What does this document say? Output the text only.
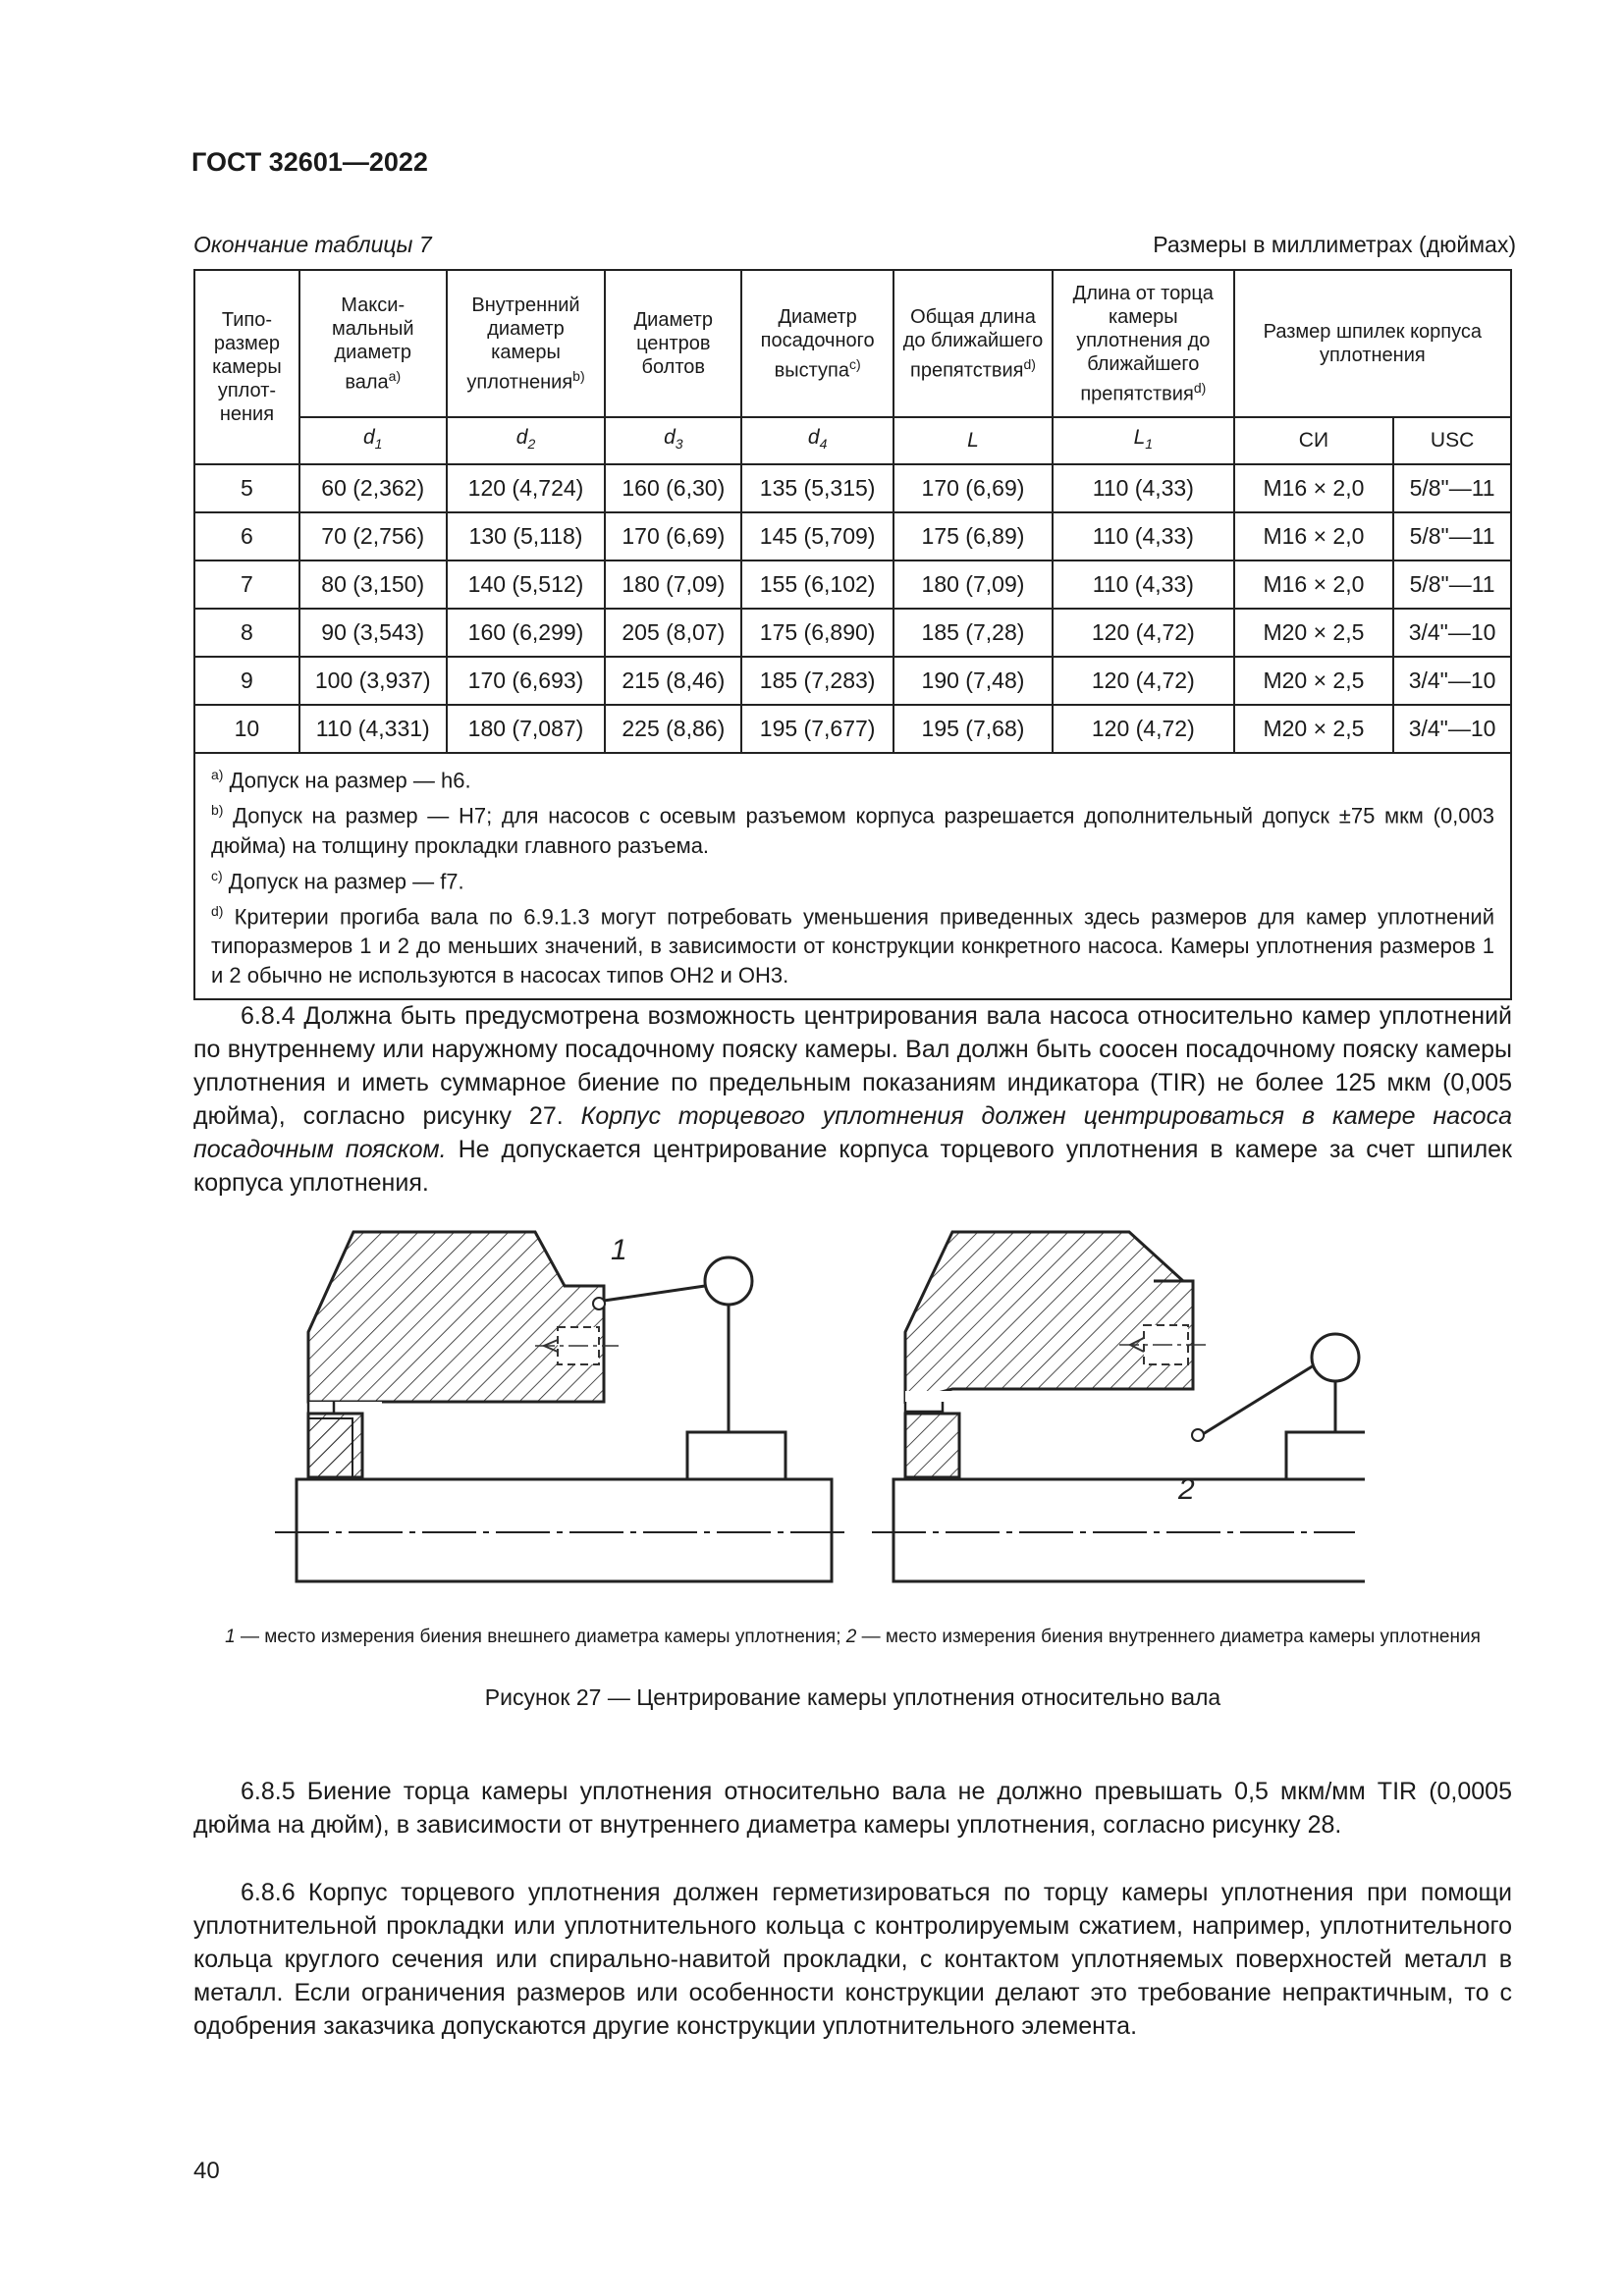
ГОСТ 32601—2022
Окончание таблицы 7	Размеры в миллиметрах (дюймах)
Типо-размер камеры уплот-нения	Макси-мальный диаметр вала$^{a)}$	Внутренний диаметр камеры уплотнения$^{b)}$	Диаметр центров болтов	Диаметр посадочного выступа$^{c)}$	Общая длина до ближайшего препятствия$^{d)}$	Длина от торца камеры уплотнения до ближайшего препятствия$^{d)}$	Размер шпилек корпуса уплотнения	
	$d_1$	$d_2$	$d_3$	$d_4$	L	$L_1$	СИ	USC
5	60 (2,362)	120 (4,724)	160 (6,30)	135 (5,315)	170 (6,69)	110 (4,33)	M16 × 2,0	5/8"—11
6	70 (2,756)	130 (5,118)	170 (6,69)	145 (5,709)	175 (6,89)	110 (4,33)	M16 × 2,0	5/8"—11
7	80 (3,150)	140 (5,512)	180 (7,09)	155 (6,102)	180 (7,09)	110 (4,33)	M16 × 2,0	5/8"—11
8	90 (3,543)	160 (6,299)	205 (8,07)	175 (6,890)	185 (7,28)	120 (4,72)	M20 × 2,5	3/4"—10
9	100 (3,937)	170 (6,693)	215 (8,46)	185 (7,283)	190 (7,48)	120 (4,72)	M20 × 2,5	3/4"—10
10	110 (4,331)	180 (7,087)	225 (8,86)	195 (7,677)	195 (7,68)	120 (4,72)	M20 × 2,5	3/4"—10

$^{a)}$ Допуск на размер — h6.
$^{b)}$ Допуск на размер — H7; для насосов с осевым разъемом корпуса разрешается дополнительный допуск ±75 мкм (0,003 дюйма) на толщину прокладки главного разъема.
$^{c)}$ Допуск на размер — f7.
$^{d)}$ Критерии прогиба вала по 6.9.1.3 могут потребовать уменьшения приведенных здесь размеров для камер уплотнений типоразмеров 1 и 2 до меньших значений, в зависимости от конструкции конкретного насоса. Камеры уплотнения размеров 1 и 2 обычно не используются в насосах типов OH2 и OH3.								

6.8.4 Должна быть предусмотрена возможность центрирования вала насоса относительно камер уплотнений по внутреннему или наружному посадочному пояску камеры. Вал должн быть соосен посадочному пояску камеры уплотнения и иметь суммарное биение по предельным показаниям индикатора (TIR) не более 125 мкм (0,005 дюйма), согласно рисунку 27. Корпус торцевого уплотнения должен центрироваться в камере насоса посадочным пояском. Не допускается центрирование корпуса торцевого уплотнения в камере за счет шпилек корпуса уплотнения.

1
2
1 — место измерения биения внешнего диаметра камеры уплотнения; 2 — место измерения биения внутреннего диаметра камеры уплотнения
Рисунок 27 — Центрирование камеры уплотнения относительно вала

6.8.5 Биение торца камеры уплотнения относительно вала не должно превышать 0,5 мкм/мм TIR (0,0005 дюйма на дюйм), в зависимости от внутреннего диаметра камеры уплотнения, согласно рисунку 28.

6.8.6 Корпус торцевого уплотнения должен герметизироваться по торцу камеры уплотнения при помощи уплотнительной прокладки или уплотнительного кольца с контролируемым сжатием, например, уплотнительного кольца круглого сечения или спирально-навитой прокладки, с контактом уплотняемых поверхностей металл в металл. Если ограничения размеров или особенности конструкции делают это требование непрактичным, то с одобрения заказчика допускаются другие конструкции уплотнительного элемента.

40
